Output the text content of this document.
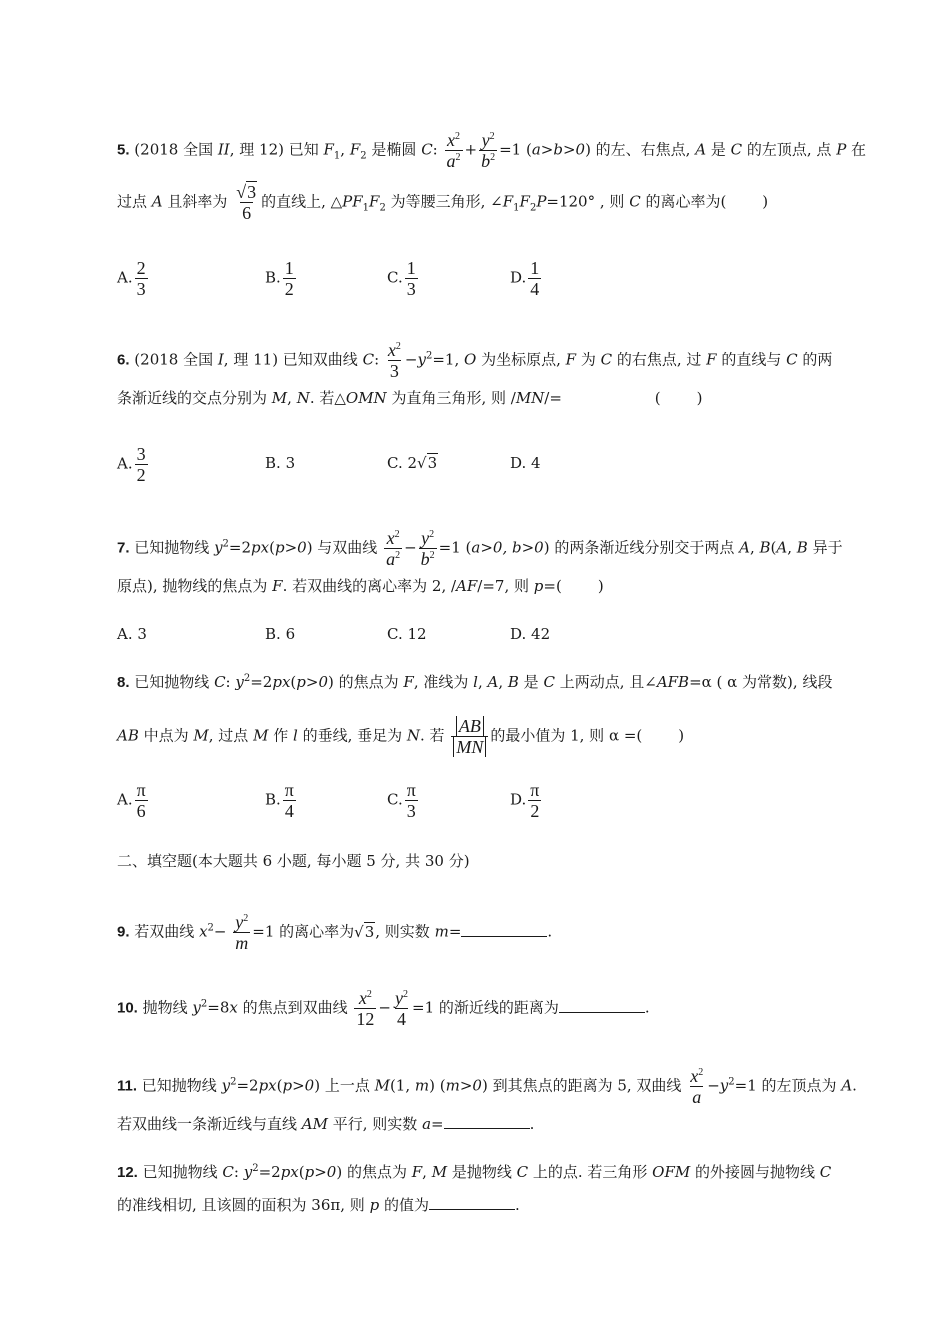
5. (2018 全国 II, 理 12) 已知 $F_1$, $F_2$ 是椭圆 C: $\frac{x^2}{a^2} + \frac{y^2}{b^2} =1$ (a>b>0) 的左、右焦点, A 是 C 的左顶点, 点 P 在
过点 A 且斜率为 $\frac{√3}{6}$ 的直线上, $\triangle PF_1F_2$ 为等腰三角形, $\angle F_1F_2P=120^\circ$ , 则 C 的离心率为( )
A. $\frac{2}{3}$	B. $\frac{1}{2}$	C. $\frac{1}{3}$	D. $\frac{1}{4}$
6. (2018 全国 I, 理 11) 已知双曲线 C: $\frac{x^2}{3} -y^2=1$, O 为坐标原点, F 为 C 的右焦点, 过 F 的直线与 C 的两
条渐近线的交点分别为 M, N. 若△OMN 为直角三角形, 则 /MN/=	( )
A. $\frac{3}{2}$	B. 3	C. 2√3	D. 4
7. 已知抛物线 $y^2=2px(p>0)$ 与双曲线 $\frac{x^2}{a^2} - \frac{y^2}{b^2} =1$ (a>0, b>0) 的两条渐近线分别交于两点 A, B(A, B 异于
原点), 抛物线的焦点为 F. 若双曲线的离心率为 2, /AF/=7, 则 p=( )
A. 3	B. 6	C. 12	D. 42
8. 已知抛物线 C: $y^2=2px(p>0)$ 的焦点为 F, 准线为 l, A, B 是 C 上两动点, 且∠AFB=α ( α 为常数), 线段
AB 中点为 M, 过点 M 作 l 的垂线, 垂足为 N. 若 $\frac{AB}{MN}$ 的最小值为 1, 则 α =( )
A. $\frac{\pi}{6}$	B. $\frac{\pi}{4}$	C. $\frac{\pi}{3}$	D. $\frac{\pi}{2}$
二、填空题(本大题共 6 小题, 每小题 5 分, 共 30 分)
9. 若双曲线 $x^2- \frac{y^2}{m} =1$ 的离心率为√3, 则实数 m=	.
10. 抛物线 $y^2=8x$ 的焦点到双曲线 $\frac{x^2}{12} - \frac{y^2}{4} =1$ 的渐近线的距离为	.
11. 已知抛物线 $y^2=2px(p>0)$ 上一点 M(1, m) (m>0) 到其焦点的距离为 5, 双曲线 $\frac{x^2}{a} -y^2=1$ 的左顶点为 A.
若双曲线一条渐近线与直线 AM 平行, 则实数 a=	.
12. 已知抛物线 C: $y^2=2px(p>0)$ 的焦点为 F, M 是抛物线 C 上的点. 若三角形 OFM 的外接圆与抛物线 C
的准线相切, 且该圆的面积为 36π, 则 p 的值为	.
